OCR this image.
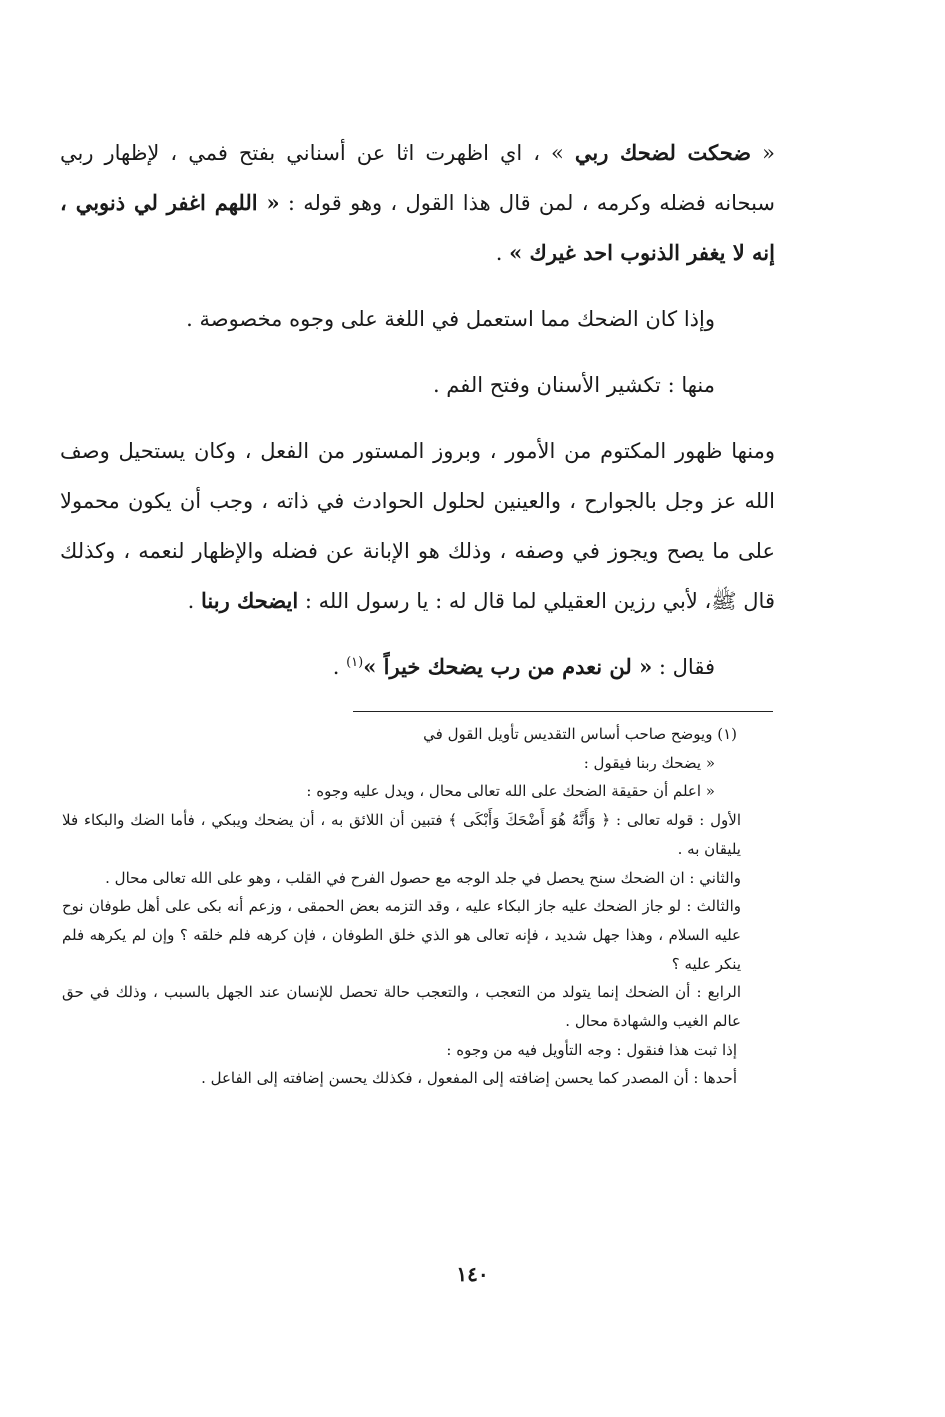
« ضحكت لضحك ربي » ، اي اظهرت اثا عن أسناني بفتح فمي ، لإظهار ربي سبحانه فضله وكرمه ، لمن قال هذا القول ، وهو قوله : « اللهم اغفر لي ذنوبي ، إنه لا يغفر الذنوب احد غيرك » .

وإذا كان الضحك مما استعمل في اللغة على وجوه مخصوصة .

منها : تكشير الأسنان وفتح الفم .

ومنها ظهور المكتوم من الأمور ، وبروز المستور من الفعل ، وكان يستحيل وصف الله عز وجل بالجوارح ، والعينين لحلول الحوادث في ذاته ، وجب أن يكون محمولا على ما يصح ويجوز في وصفه ، وذلك هو الإبانة عن فضله والإظهار لنعمه ، وكذلك قال ﷺ، لأبي رزين العقيلي لما قال له : يا رسول الله : ايضحك ربنا .

فقال : « لن نعدم من رب يضحك خيراً »$^{(١)}$ .

(١) ويوضح صاحب أساس التقديس تأويل القول في

« يضحك ربنا فيقول :

« اعلم أن حقيقة الضحك على الله تعالى محال ، ويدل عليه وجوه :

الأول : قوله تعالى : ﴿ وَأَنَّهُ هُوَ أَضْحَكَ وَأَبْكَى ﴾ فتبين أن اللائق به ، أن يضحك ويبكي ، فأما الضك والبكاء فلا يليقان به .

والثاني : ان الضحك سنح يحصل في جلد الوجه مع حصول الفرح في القلب ، وهو على الله تعالى محال .

والثالث : لو جاز الضحك عليه جاز البكاء عليه ، وقد التزمه بعض الحمقى ، وزعم أنه بكى على أهل طوفان نوح عليه السلام ، وهذا جهل شديد ، فإنه تعالى هو الذي خلق الطوفان ، فإن كرهه فلم خلقه ؟ وإن لم يكرهه فلم ينكر عليه ؟

الرابع : أن الضحك إنما يتولد من التعجب ، والتعجب حالة تحصل للإنسان عند الجهل بالسبب ، وذلك في حق عالم الغيب والشهادة محال .

إذا ثبت هذا فنقول : وجه التأويل فيه من وجوه :

أحدها : أن المصدر كما يحسن إضافته إلى المفعول ، فكذلك يحسن إضافته إلى الفاعل .

١٤٠
